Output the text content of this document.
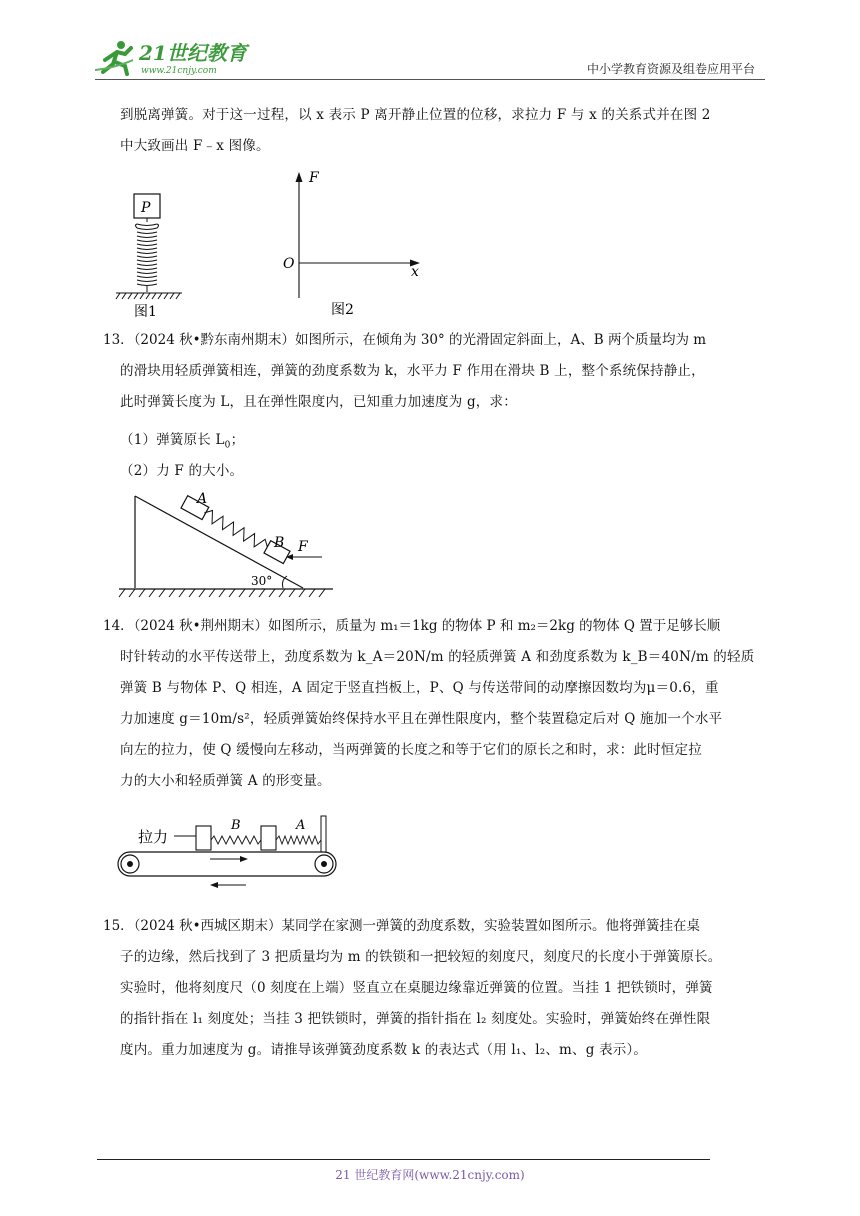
21世纪教育
www.21cnjy.com	中小学教育资源及组卷应用平台
到脱离弹簧。对于这一过程，以 x 表示 P 离开静止位置的位移，求拉力 F 与 x 的关系式并在图 2
中大致画出 F﹣x 图像。
P
图1
F
x
O
图2
13．（2024 秋•黔东南州期末）如图所示，在倾角为 30° 的光滑固定斜面上，A、B 两个质量均为 m
的滑块用轻质弹簧相连，弹簧的劲度系数为 k，水平力 F 作用在滑块 B 上，整个系统保持静止，
此时弹簧长度为 L，且在弹性限度内，已知重力加速度为 g，求：
（1）弹簧原长 $L_0$；
（2）力 F 的大小。
A
B F
30°
14．（2024 秋•荆州期末）如图所示，质量为 m₁＝1kg 的物体 P 和 m₂＝2kg 的物体 Q 置于足够长顺
时针转动的水平传送带上，劲度系数为 k_A＝20N/m 的轻质弹簧 A 和劲度系数为 k_B＝40N/m 的轻质
弹簧 B 与物体 P、Q 相连，A 固定于竖直挡板上，P、Q 与传送带间的动摩擦因数均为μ＝0.6，重
力加速度 g＝10m/s²，轻质弹簧始终保持水平且在弹性限度内，整个装置稳定后对 Q 施加一个水平
向左的拉力，使 Q 缓慢向左移动，当两弹簧的长度之和等于它们的原长之和时，求：此时恒定拉
力的大小和轻质弹簧 A 的形变量。
拉力
B	A
15．（2024 秋•西城区期末）某同学在家测一弹簧的劲度系数，实验装置如图所示。他将弹簧挂在桌
子的边缘，然后找到了 3 把质量均为 m 的铁锁和一把较短的刻度尺，刻度尺的长度小于弹簧原长。
实验时，他将刻度尺（0 刻度在上端）竖直立在桌腿边缘靠近弹簧的位置。当挂 1 把铁锁时，弹簧
的指针指在 l₁ 刻度处；当挂 3 把铁锁时，弹簧的指针指在 l₂ 刻度处。实验时，弹簧始终在弹性限
度内。重力加速度为 g。请推导该弹簧劲度系数 k 的表达式（用 l₁、l₂、m、g 表示）。
21 世纪教育网(www.21cnjy.com)
